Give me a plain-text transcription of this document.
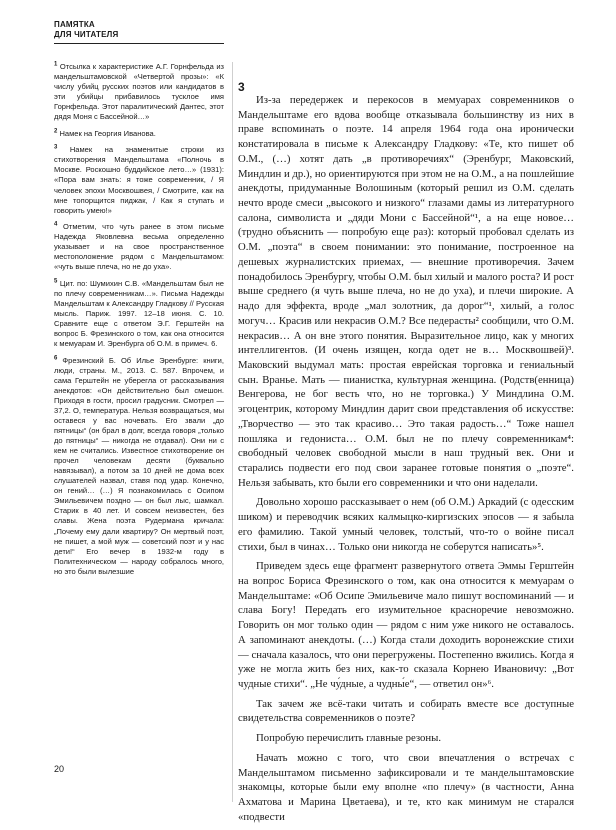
ПАМЯТКА
ДЛЯ ЧИТАТЕЛЯ

$^1$ Отсылка к характеристике А.Г. Горнфельда из мандельштамовской «Четвертой прозы»: «К числу убийц русских поэтов или кандидатов в эти убийцы прибавилось тусклое имя Горнфельда. Этот паралитический Дантес, этот дядя Моня с Бассейной…»

$^2$ Намек на Георгия Иванова.

$^3$ Намек на знаменитые строки из стихотворения Мандельштама «Полночь в Москве. Роскошно буддийское лето…» (1931): «Пора вам знать: я тоже современник, / Я человек эпохи Москвошвея, / Смотрите, как на мне топорщится пиджак, / Как я ступать и говорить умею!»

$^4$ Отметим, что чуть ранее в этом письме Надежда Яковлевна весьма определенно указывает и на свое пространственное местоположение рядом с Мандельштамом: «чуть выше плеча, но не до уха».

$^5$ Цит. по: Шумихин С.В. «Мандельштам был не по плечу современникам…». Письма Надежды Мандельштам к Александру Гладкову // Русская мысль. Париж. 1997. 12–18 июня. С. 10. Сравните еще с ответом Э.Г. Герштейн на вопрос Б. Фрезинского о том, как она относится к мемуарам И. Эренбурга об О.М. в примеч. 6.

$^6$ Фрезинский Б. Об Илье Эренбурге: книги, люди, страны. М., 2013. С. 587. Впрочем, и сама Герштейн не уберегла от рассказывания анекдотов: «Он действительно был смешон. Приходя в гости, просил градусник. Смотрел — 37,2. О, температура. Нельзя возвращаться, мы оставеся у вас ночевать. Его звали „до пятницы“ (он брал в долг, всегда говоря „только до пятницы“ — никогда не отдавал). Они ни с кем не считались. Известное стихотворение он прочел человекам десяти (буквально навязывал), а потом за 10 дней не дома всех слушателей назвал, ставя под удар. Конечно, он гений… (…) Я познакомилась с Осипом Эмильевичем поздно — он был лыс, шамкал. Старик в 40 лет. И совсем неизвестен, без славы. Жена поэта Рудермана кричала: „Почему ему дали квартиру? Он мертвый поэт, не пишет, а мой муж — советский поэт и у нас дети!“ Его вечер в 1932-м году в Политехническом — народу собралось много, но это были вылезшие

3

Из-за передержек и перекосов в мемуарах современников о Мандельштаме его вдова вообще отказывала большинству из них в праве вспоминать о поэте. 14 апреля 1964 года она иронически констатировала в письме к Александру Гладкову: «Те, кто пишет об О.М., (…) хотят дать „в противоречиях“ (Эренбург, Маковский, Миндлин и др.), но ориентируются при этом не на О.М., а на пошлейшие анекдоты, придуманные Волошиным (который решил из О.М. сделать нечто вроде смеси „высокого и низкого“ глазами дамы из литературного салона, символиста и „дяди Мони с Бассейной“¹, а на еще новое… (трудно объяснить — попробую еще раз): который пробовал сделать из О.М. „поэта“ в своем понимании: это понимание, построенное на дешевых журналистских приемах, — внешние противоречия. Зачем понадобилось Эренбургу, чтобы О.М. был хилый и малого роста? И рост выше среднего (я чуть выше плеча, но не до уха), и плечи широкие. А надо для эффекта, вроде „мал золотник, да дорог“¹, хилый, а голос могуч… Красив или некрасив О.М.? Все педерасты² сообщили, что О.М. некрасив… А он вне этого понятия. Выразительное лицо, как у многих интеллигентов. (И очень изящен, когда одет не в… Москвошвей)³. Маковский выдумал мать: простая еврейская торговка и гениальный сын. Вранье. Мать — пианистка, культурная женщина. (Родств(енница) Венгерова, не бог весть что, но не торговка.) У Миндлина О.М. эгоцентрик, которому Миндлин дарит свои представления об искусстве: „Творчество — это так красиво… Это такая радость…“ Тоже нашел пошляка и гедониста… О.М. был не по плечу современникам⁴: свободный человек свободной мысли в наш трудный век. Они и старались подвести его под свои заранее готовые понятия о „поэте“. Нельзя забывать, кто были его современники и что они наделали.

Довольно хорошо рассказывает о нем (об О.М.) Аркадий (с одесским шиком) и переводчик всяких калмыцко-киргизских эпосов — я забыла его фамилию. Такой умный человек, толстый, что-то о войне писал стихи, был в чинах… Только они никогда не соберутся написать»⁵.

Приведем здесь еще фрагмент развернутого ответа Эммы Герштейн на вопрос Бориса Фрезинского о том, как она относится к мемуарам о Мандельштаме: «Об Осипе Эмильевиче мало пишут воспоминаний — и слава Богу! Передать его изумительное красноречие невозможно. Говорить он мог только один — рядом с ним уже никого не оставалось. А запоминают анекдоты. (…) Когда стали доходить воронежские стихи — сначала казалось, что они перегружены. Постепенно вжились. Когда я уже не могла жить без них, как-то сказала Корнею Ивановичу: „Вот чудные стихи“. „Не чу́дные, а чудны́е“, — ответил он»⁶.

Так зачем же всё-таки читать и собирать вместе все доступные свидетельства современников о поэте?

Попробую перечислить главные резоны.

Начать можно с того, что свои впечатления о встречах с Мандельштамом письменно зафиксировали и те мандельштамовские знакомцы, которые были ему вполне «по плечу» (в частности, Анна Ахматова и Марина Цветаева), и те, кто как минимум не старался «подвести

20
